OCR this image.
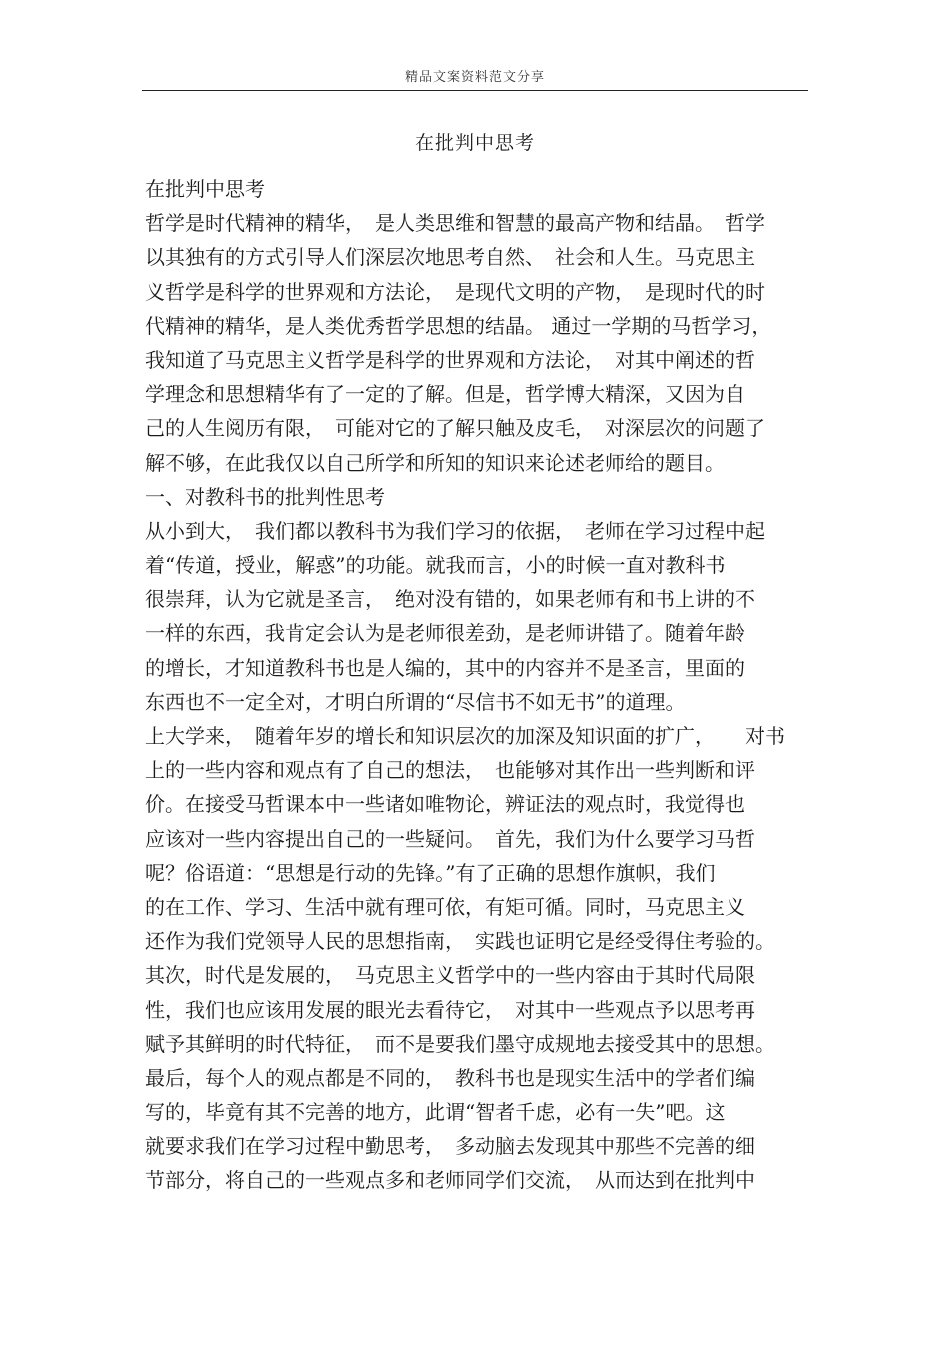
精品文案资料范文分享
在批判中思考
在批判中思考
哲学是时代精神的精华，　是人类思维和智慧的最高产物和结晶。　哲学
以其独有的方式引导人们深层次地思考自然、　社会和人生。马克思主
义哲学是科学的世界观和方法论，　是现代文明的产物，　是现时代的时
代精神的精华，是人类优秀哲学思想的结晶。 通过一学期的马哲学习，
我知道了马克思主义哲学是科学的世界观和方法论，　对其中阐述的哲
学理念和思想精华有了一定的了解。但是，哲学博大精深，又因为自
己的人生阅历有限，　可能对它的了解只触及皮毛，　对深层次的问题了
解不够，在此我仅以自己所学和所知的知识来论述老师给的题目。
一、对教科书的批判性思考
从小到大，　我们都以教科书为我们学习的依据，　老师在学习过程中起
着“传道，授业，解惑”的功能。就我而言，小的时候一直对教科书
很崇拜，认为它就是圣言，　绝对没有错的，如果老师有和书上讲的不
一样的东西，我肯定会认为是老师很差劲，是老师讲错了。随着年龄
的增长，才知道教科书也是人编的，其中的内容并不是圣言，里面的
东西也不一定全对，才明白所谓的“尽信书不如无书”的道理。
上大学来，　随着年岁的增长和知识层次的加深及知识面的扩广，　　对书
上的一些内容和观点有了自己的想法，　也能够对其作出一些判断和评
价。在接受马哲课本中一些诸如唯物论，辨证法的观点时，我觉得也
应该对一些内容提出自己的一些疑问。　首先，我们为什么要学习马哲
呢？俗语道：“思想是行动的先锋。”有了正确的思想作旗帜，我们
的在工作、学习、生活中就有理可依，有矩可循。同时，马克思主义
还作为我们党领导人民的思想指南，　实践也证明它是经受得住考验的。
其次，时代是发展的，　马克思主义哲学中的一些内容由于其时代局限
性，我们也应该用发展的眼光去看待它，　对其中一些观点予以思考再
赋予其鲜明的时代特征，　而不是要我们墨守成规地去接受其中的思想。
最后，每个人的观点都是不同的，　教科书也是现实生活中的学者们编
写的，毕竟有其不完善的地方，此谓“智者千虑，必有一失”吧。这
就要求我们在学习过程中勤思考，　多动脑去发现其中那些不完善的细
节部分，将自己的一些观点多和老师同学们交流，　从而达到在批判中
